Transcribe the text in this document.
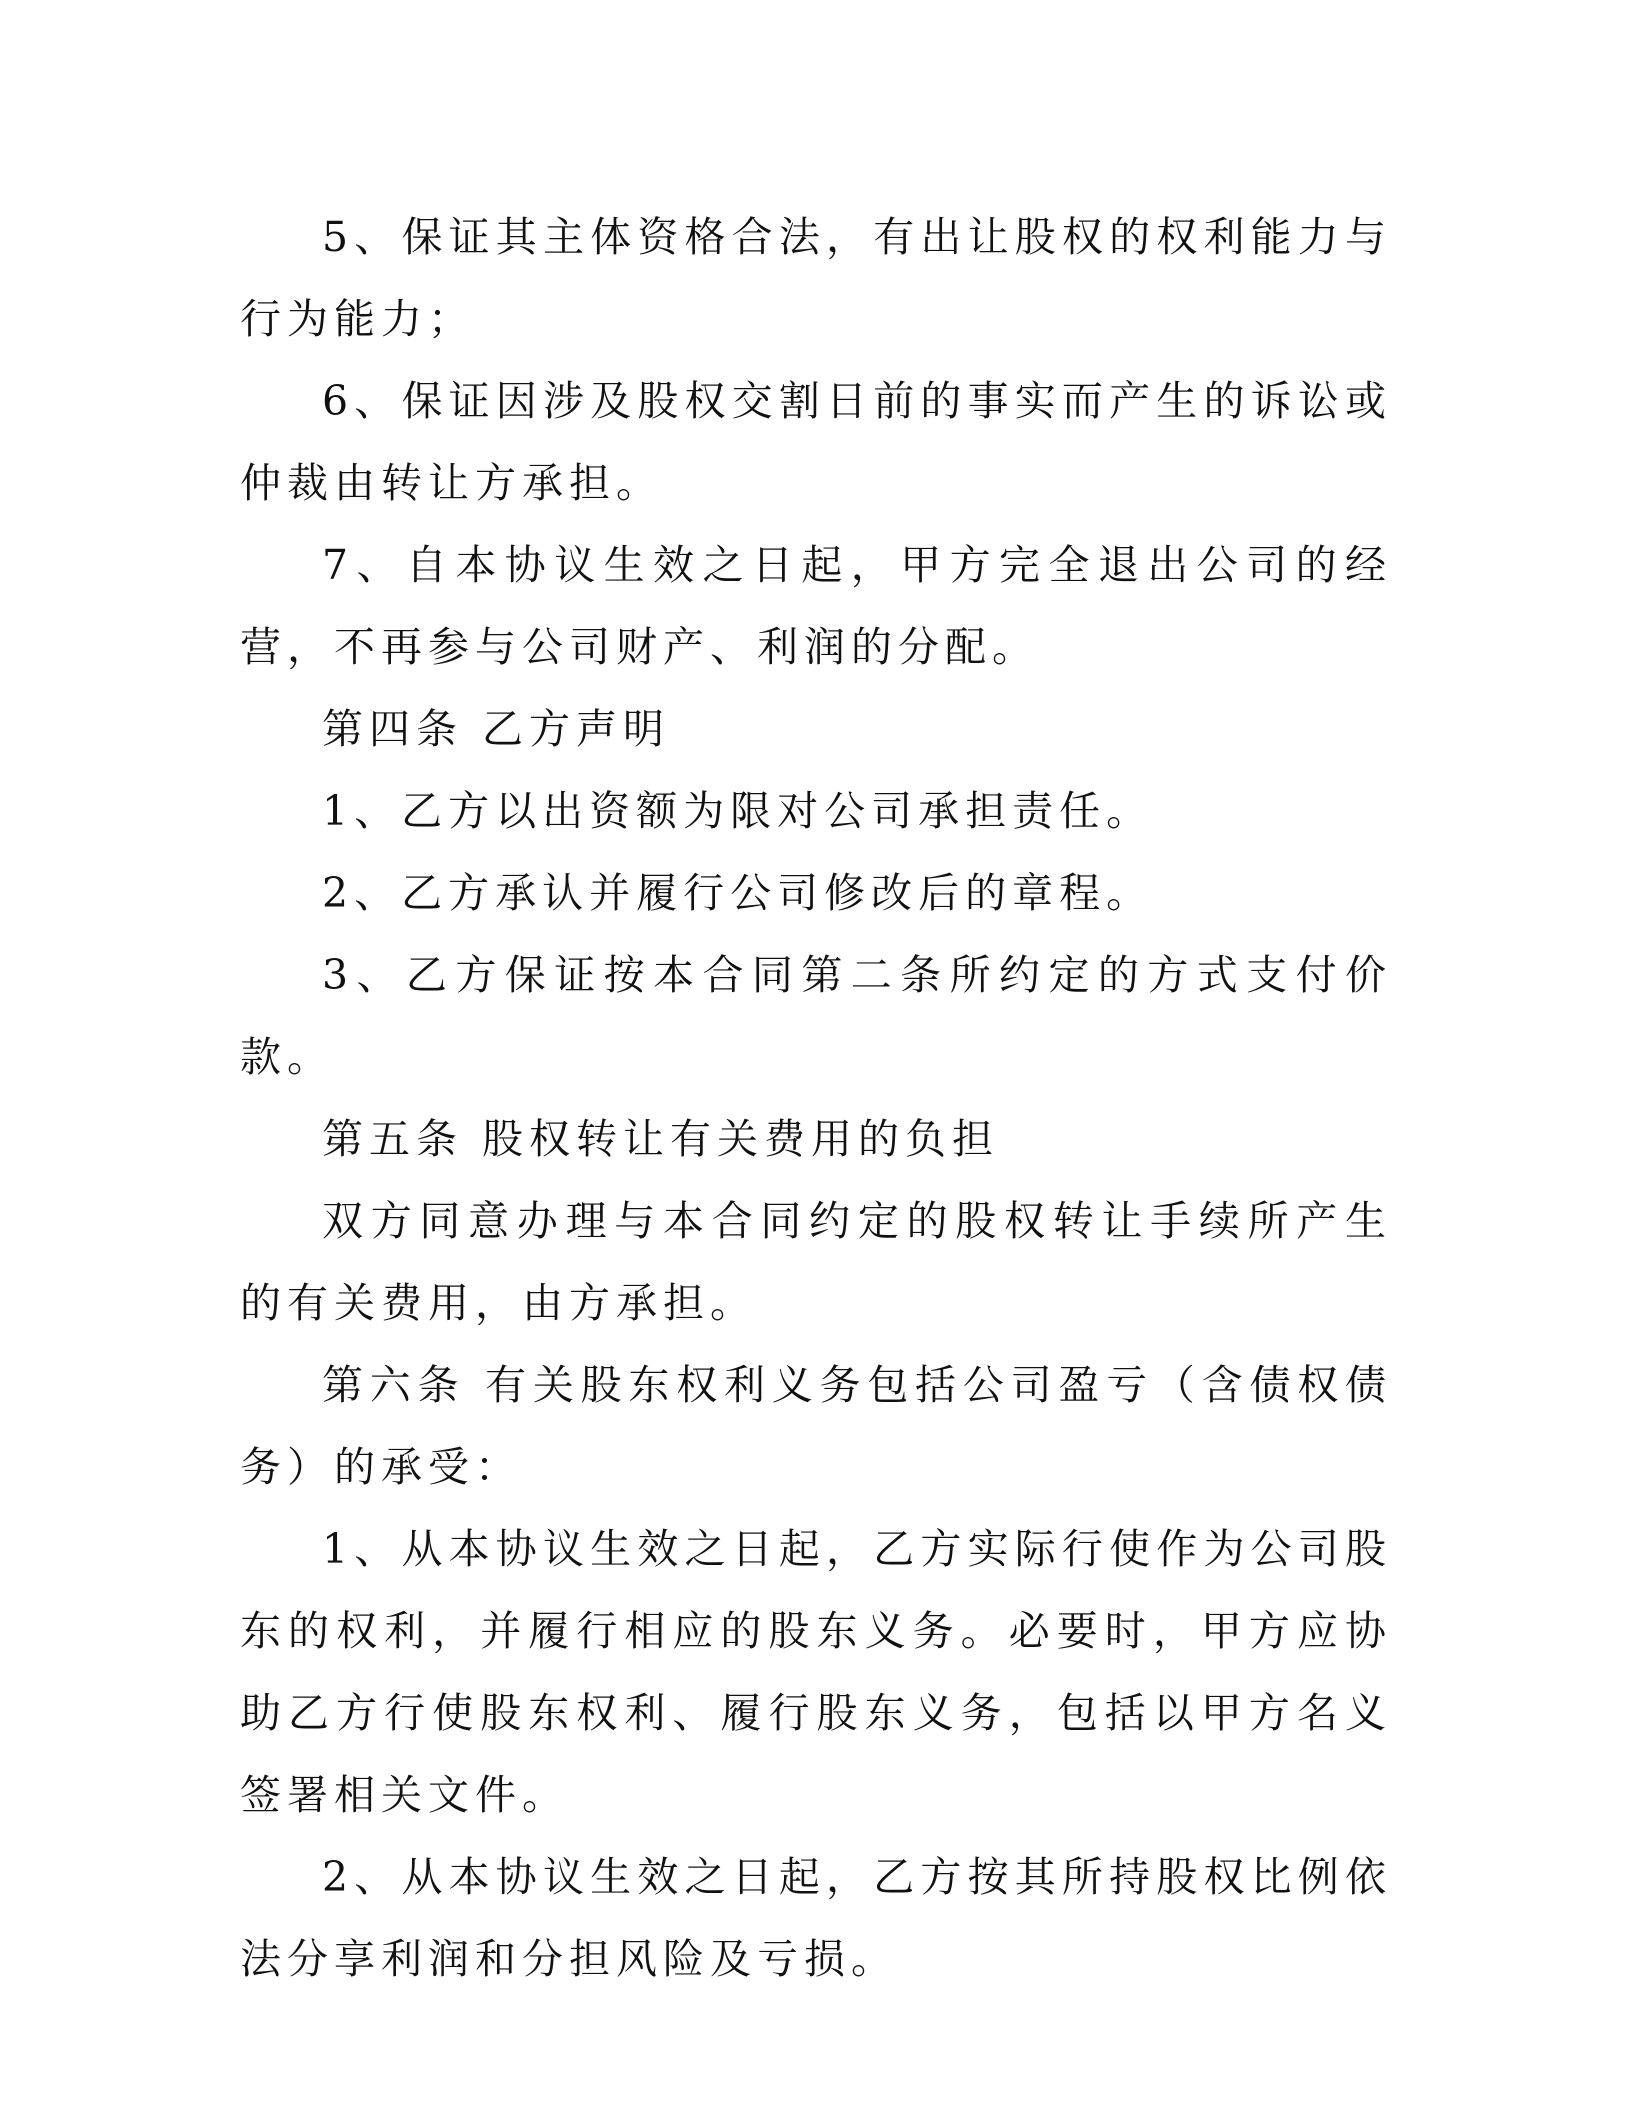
5、保证其主体资格合法，有出让股权的权利能力与行为能力；

6、保证因涉及股权交割日前的事实而产生的诉讼或仲裁由转让方承担。

7、自本协议生效之日起，甲方完全退出公司的经营，不再参与公司财产、利润的分配。

第四条 乙方声明

1、乙方以出资额为限对公司承担责任。

2、乙方承认并履行公司修改后的章程。

3、乙方保证按本合同第二条所约定的方式支付价款。

第五条 股权转让有关费用的负担

双方同意办理与本合同约定的股权转让手续所产生的有关费用，由方承担。

第六条 有关股东权利义务包括公司盈亏（含债权债务）的承受：

1、从本协议生效之日起，乙方实际行使作为公司股东的权利，并履行相应的股东义务。必要时，甲方应协助乙方行使股东权利、履行股东义务，包括以甲方名义签署相关文件。

2、从本协议生效之日起，乙方按其所持股权比例依法分享利润和分担风险及亏损。
